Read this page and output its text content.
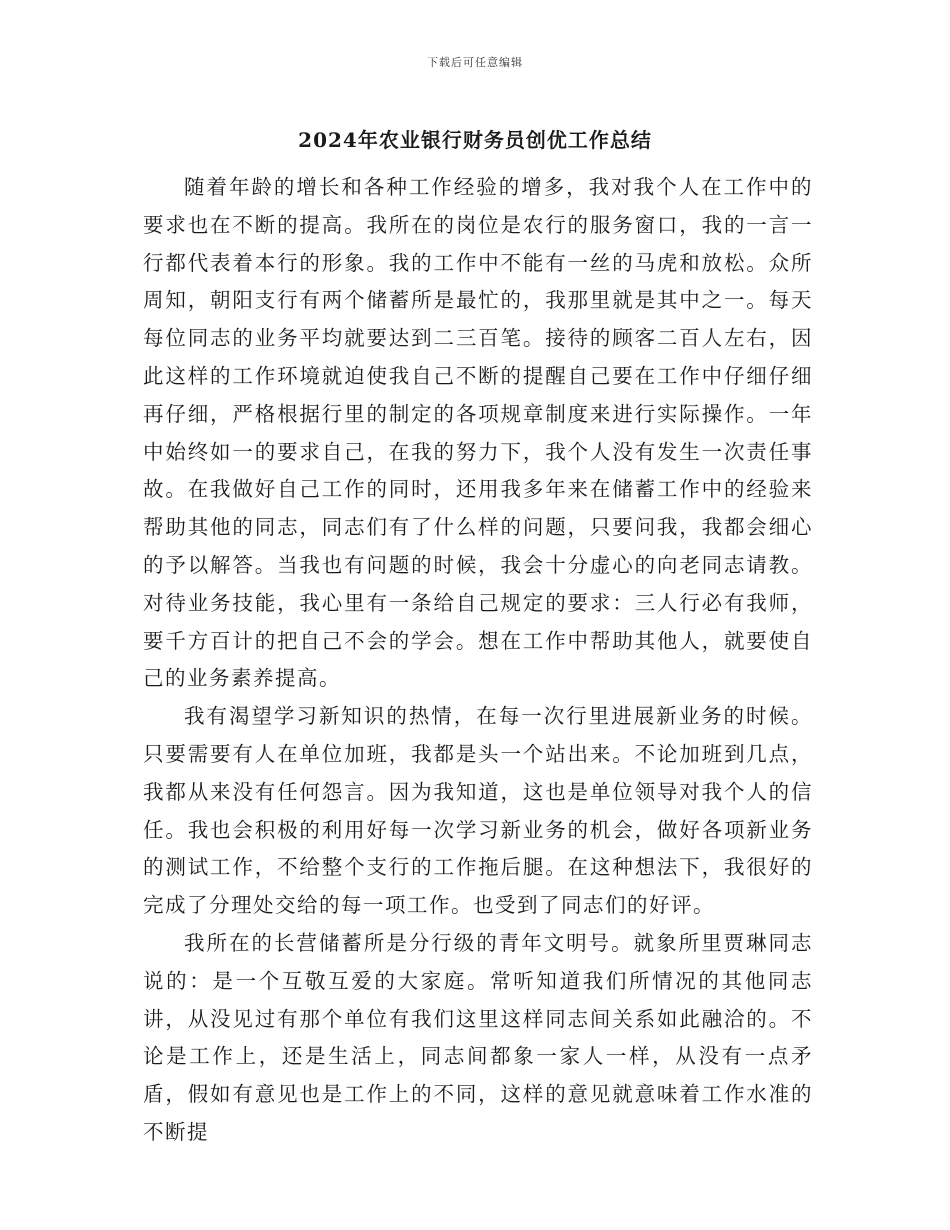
下载后可任意编辑
2024年农业银行财务员创优工作总结

随着年龄的增长和各种工作经验的增多，我对我个人在工作中的要求也在不断的提高。我所在的岗位是农行的服务窗口，我的一言一行都代表着本行的形象。我的工作中不能有一丝的马虎和放松。众所周知，朝阳支行有两个储蓄所是最忙的，我那里就是其中之一。每天每位同志的业务平均就要达到二三百笔。接待的顾客二百人左右，因此这样的工作环境就迫使我自己不断的提醒自己要在工作中仔细仔细再仔细，严格根据行里的制定的各项规章制度来进行实际操作。一年中始终如一的要求自己，在我的努力下，我个人没有发生一次责任事故。在我做好自己工作的同时，还用我多年来在储蓄工作中的经验来帮助其他的同志，同志们有了什么样的问题，只要问我，我都会细心的予以解答。当我也有问题的时候，我会十分虚心的向老同志请教。对待业务技能，我心里有一条给自己规定的要求：三人行必有我师，要千方百计的把自己不会的学会。想在工作中帮助其他人，就要使自己的业务素养提高。

我有渴望学习新知识的热情，在每一次行里进展新业务的时候。只要需要有人在单位加班，我都是头一个站出来。不论加班到几点，我都从来没有任何怨言。因为我知道，这也是单位领导对我个人的信任。我也会积极的利用好每一次学习新业务的机会，做好各项新业务的测试工作，不给整个支行的工作拖后腿。在这种想法下，我很好的完成了分理处交给的每一项工作。也受到了同志们的好评。

我所在的长营储蓄所是分行级的青年文明号。就象所里贾琳同志说的：是一个互敬互爱的大家庭。常听知道我们所情况的其他同志讲，从没见过有那个单位有我们这里这样同志间关系如此融洽的。不论是工作上，还是生活上，同志间都象一家人一样，从没有一点矛盾，假如有意见也是工作上的不同，这样的意见就意味着工作水准的不断提
